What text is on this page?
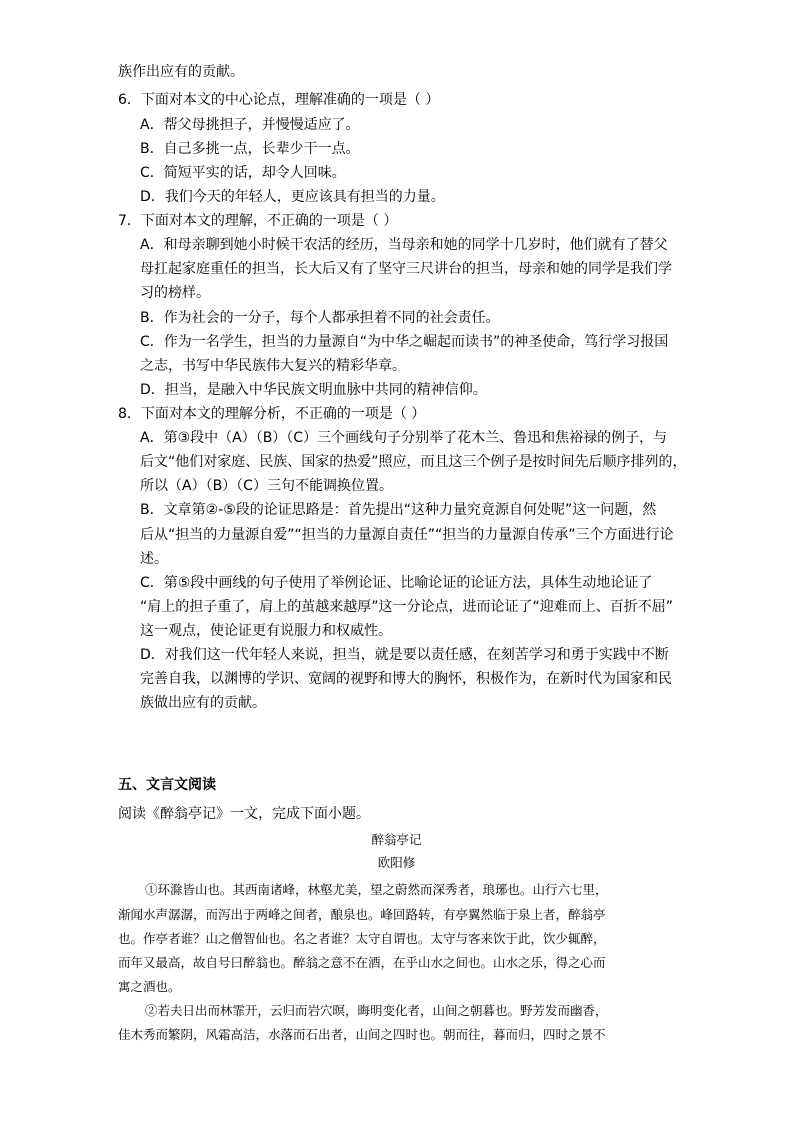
族作出应有的贡献。
6．下面对本文的中心论点，理解准确的一项是（ ）
A．帮父母挑担子，并慢慢适应了。
B．自己多挑一点，长辈少干一点。
C．简短平实的话，却令人回味。
D．我们今天的年轻人，更应该具有担当的力量。
7．下面对本文的理解，不正确的一项是（ ）
A．和母亲聊到她小时候干农活的经历，当母亲和她的同学十几岁时，他们就有了替父
母扛起家庭重任的担当，长大后又有了坚守三尺讲台的担当，母亲和她的同学是我们学
习的榜样。
B．作为社会的一分子，每个人都承担着不同的社会责任。
C．作为一名学生，担当的力量源自“为中华之崛起而读书”的神圣使命，笃行学习报国
之志，书写中华民族伟大复兴的精彩华章。
D．担当，是融入中华民族文明血脉中共同的精神信仰。
8．下面对本文的理解分析，不正确的一项是（ ）
A．第③段中（A）（B）（C）三个画线句子分别举了花木兰、鲁迅和焦裕禄的例子，与
后文“他们对家庭、民族、国家的热爱”照应，而且这三个例子是按时间先后顺序排列的，
所以（A）（B）（C）三句不能调换位置。
B．文章第②-⑤段的论证思路是：首先提出“这种力量究竟源自何处呢”这一问题，然
后从“担当的力量源自爱”“担当的力量源自责任”“担当的力量源自传承”三个方面进行论
述。
C．第⑤段中画线的句子使用了举例论证、比喻论证的论证方法，具体生动地论证了
“肩上的担子重了，肩上的茧越来越厚”这一分论点，进而论证了“迎难而上、百折不屈”
这一观点，使论证更有说服力和权威性。
D．对我们这一代年轻人来说，担当，就是要以责任感，在刻苦学习和勇于实践中不断
完善自我，以渊博的学识、宽阔的视野和博大的胸怀，积极作为，在新时代为国家和民
族做出应有的贡献。
五、文言文阅读
阅读《醉翁亭记》一文，完成下面小题。
醉翁亭记
欧阳修
①环滁皆山也。其西南诸峰，林壑尤美，望之蔚然而深秀者，琅琊也。山行六七里，
渐闻水声潺潺，而泻出于两峰之间者，酿泉也。峰回路转，有亭翼然临于泉上者，醉翁亭
也。作亭者谁？山之僧智仙也。名之者谁？太守自谓也。太守与客来饮于此，饮少辄醉，
而年又最高，故自号曰醉翁也。醉翁之意不在酒，在乎山水之间也。山水之乐，得之心而
寓之酒也。
②若夫日出而林霏开，云归而岩穴暝，晦明变化者，山间之朝暮也。野芳发而幽香，
佳木秀而繁阴，风霜高洁，水落而石出者，山间之四时也。朝而往，暮而归，四时之景不
